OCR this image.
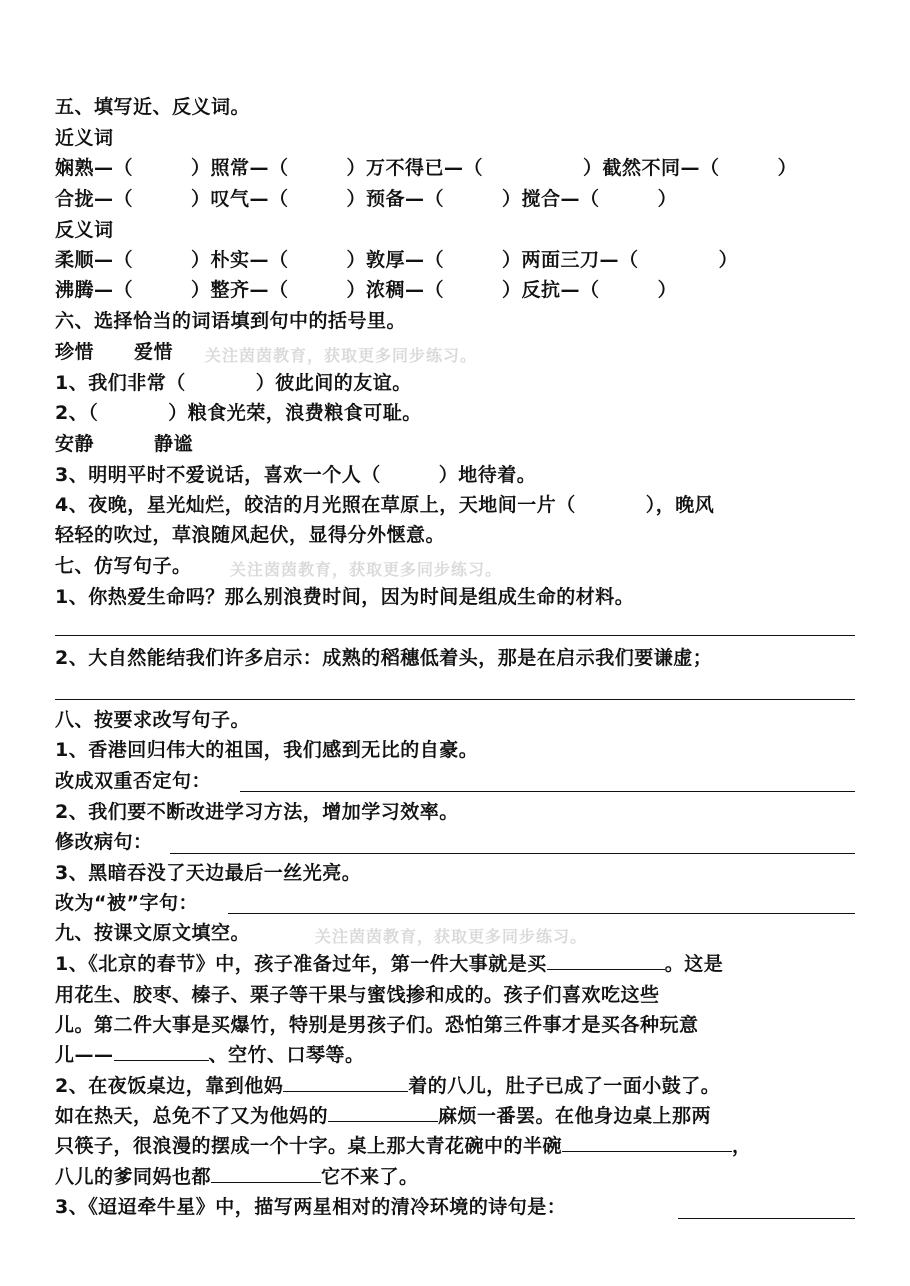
五、填写近、反义词。
近义词
娴熟—（	）照常—（	）万不得已—（	）截然不同—（	）
合拢—（	）叹气—（	）预备—（	）搅合—（	）
反义词
柔顺—（	）朴实—（	）敦厚—（	）两面三刀—（	）
沸腾—（	）整齐—（	）浓稠—（	）反抗—（	）
六、选择恰当的词语填到句中的括号里。
珍惜 爱惜	关注茵茵教育，获取更多同步练习。
1、我们非常（	）彼此间的友谊。
2、（	）粮食光荣，浪费粮食可耻。
安静	静谧
3、明明平时不爱说话，喜欢一个人（	）地待着。
4、夜晚，星光灿烂，皎洁的月光照在草原上，天地间一片（	），晚风
轻轻的吹过，草浪随风起伏，显得分外惬意。
七、仿写句子。	关注茵茵教育，获取更多同步练习。
1、你热爱生命吗？那么别浪费时间，因为时间是组成生命的材料。
2、大自然能结我们许多启示：成熟的稻穗低着头，那是在启示我们要谦虚；
八、按要求改写句子。
1、香港回归伟大的祖国，我们感到无比的自豪。
改成双重否定句：
2、我们要不断改进学习方法，增加学习效率。
修改病句：
3、黑暗吞没了天边最后一丝光亮。
改为“被”字句：
九、按课文原文填空。	关注茵茵教育，获取更多同步练习。
1、《北京的春节》中，孩子准备过年，第一件大事就是买	。这是
用花生、胶枣、榛子、栗子等干果与蜜饯掺和成的。孩子们喜欢吃这些
儿。第二件大事是买爆竹，特别是男孩子们。恐怕第三件事才是买各种玩意
儿——	、空竹、口琴等。
2、在夜饭桌边，靠到他妈	着的八儿，肚子已成了一面小鼓了。
如在热天，总免不了又为他妈的	麻烦一番罢。在他身边桌上那两
只筷子，很浪漫的摆成一个十字。桌上那大青花碗中的半碗	，
八儿的爹同妈也都	它不来了。
3、《迢迢牵牛星》中，描写两星相对的清冷环境的诗句是：
